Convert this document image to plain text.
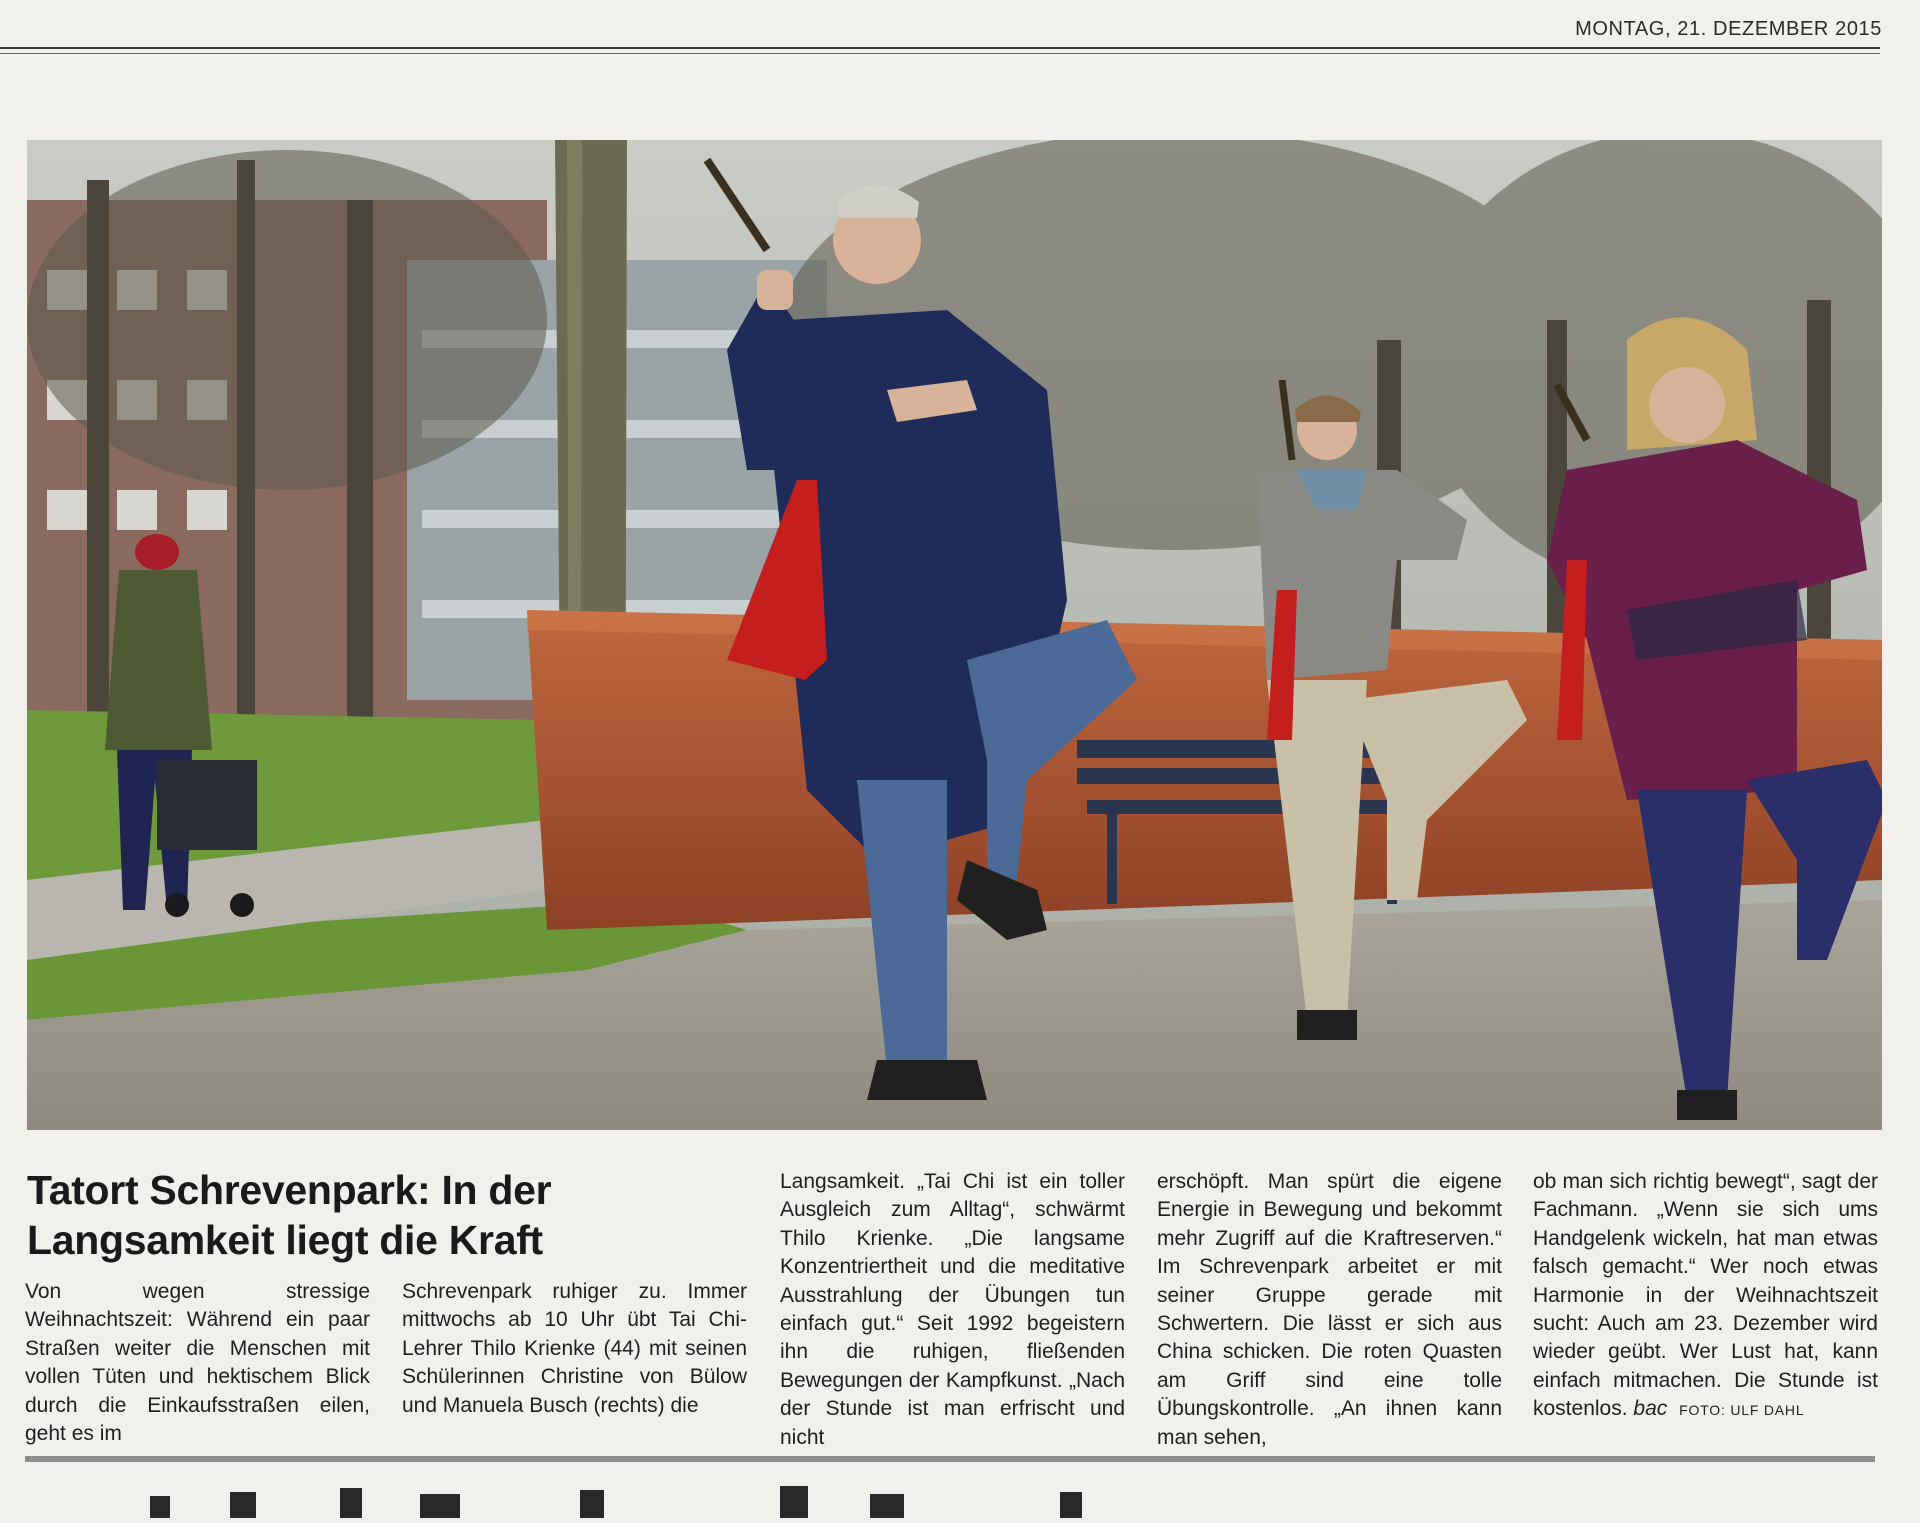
MONTAG, 21. DEZEMBER 2015
Tatort Schrevenpark: In der Langsamkeit liegt die Kraft

Von wegen stressige Weihnachtszeit: Während ein paar Straßen weiter die Menschen mit vollen Tüten und hektischem Blick durch die Einkaufsstraßen eilen, geht es im

Schrevenpark ruhiger zu. Immer mittwochs ab 10 Uhr übt Tai Chi-Lehrer Thilo Krienke (44) mit seinen Schülerinnen Christine von Bülow und Manuela Busch (rechts) die

Langsamkeit. „Tai Chi ist ein toller Ausgleich zum Alltag“, schwärmt Thilo Krienke. „Die langsame Konzentriertheit und die meditative Ausstrahlung der Übungen tun einfach gut.“ Seit 1992 begeistern ihn die ruhigen, fließenden Bewegungen der Kampfkunst. „Nach der Stunde ist man erfrischt und nicht

erschöpft. Man spürt die eigene Energie in Bewegung und bekommt mehr Zugriff auf die Kraftreserven.“ Im Schrevenpark arbeitet er mit seiner Gruppe gerade mit Schwertern. Die lässt er sich aus China schicken. Die roten Quasten am Griff sind eine tolle Übungskontrolle. „An ihnen kann man sehen,

ob man sich richtig bewegt“, sagt der Fachmann. „Wenn sie sich ums Handgelenk wickeln, hat man etwas falsch gemacht.“ Wer noch etwas Harmonie in der Weihnachtszeit sucht: Auch am 23. Dezember wird wieder geübt. Wer Lust hat, kann einfach mitmachen. Die Stunde ist kostenlos. bac FOTO: ULF DAHL
